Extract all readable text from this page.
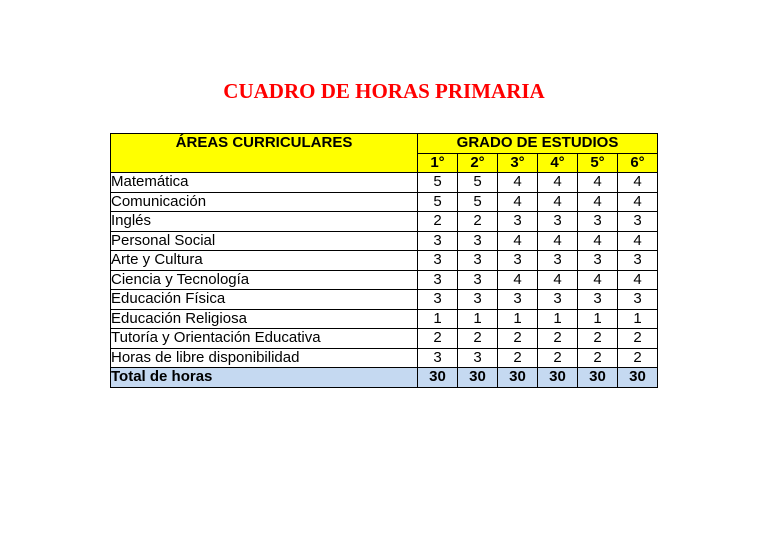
CUADRO DE HORAS PRIMARIA
ÁREAS CURRICULARES	GRADO DE ESTUDIOS					
	1°	2°	3°	4°	5°	6°
Matemática	5	5	4	4	4	4
Comunicación	5	5	4	4	4	4
Inglés	2	2	3	3	3	3
Personal Social	3	3	4	4	4	4
Arte y Cultura	3	3	3	3	3	3
Ciencia y Tecnología	3	3	4	4	4	4
Educación Física	3	3	3	3	3	3
Educación Religiosa	1	1	1	1	1	1
Tutoría y Orientación Educativa	2	2	2	2	2	2
Horas de libre disponibilidad	3	3	2	2	2	2
Total de horas	30	30	30	30	30	30
